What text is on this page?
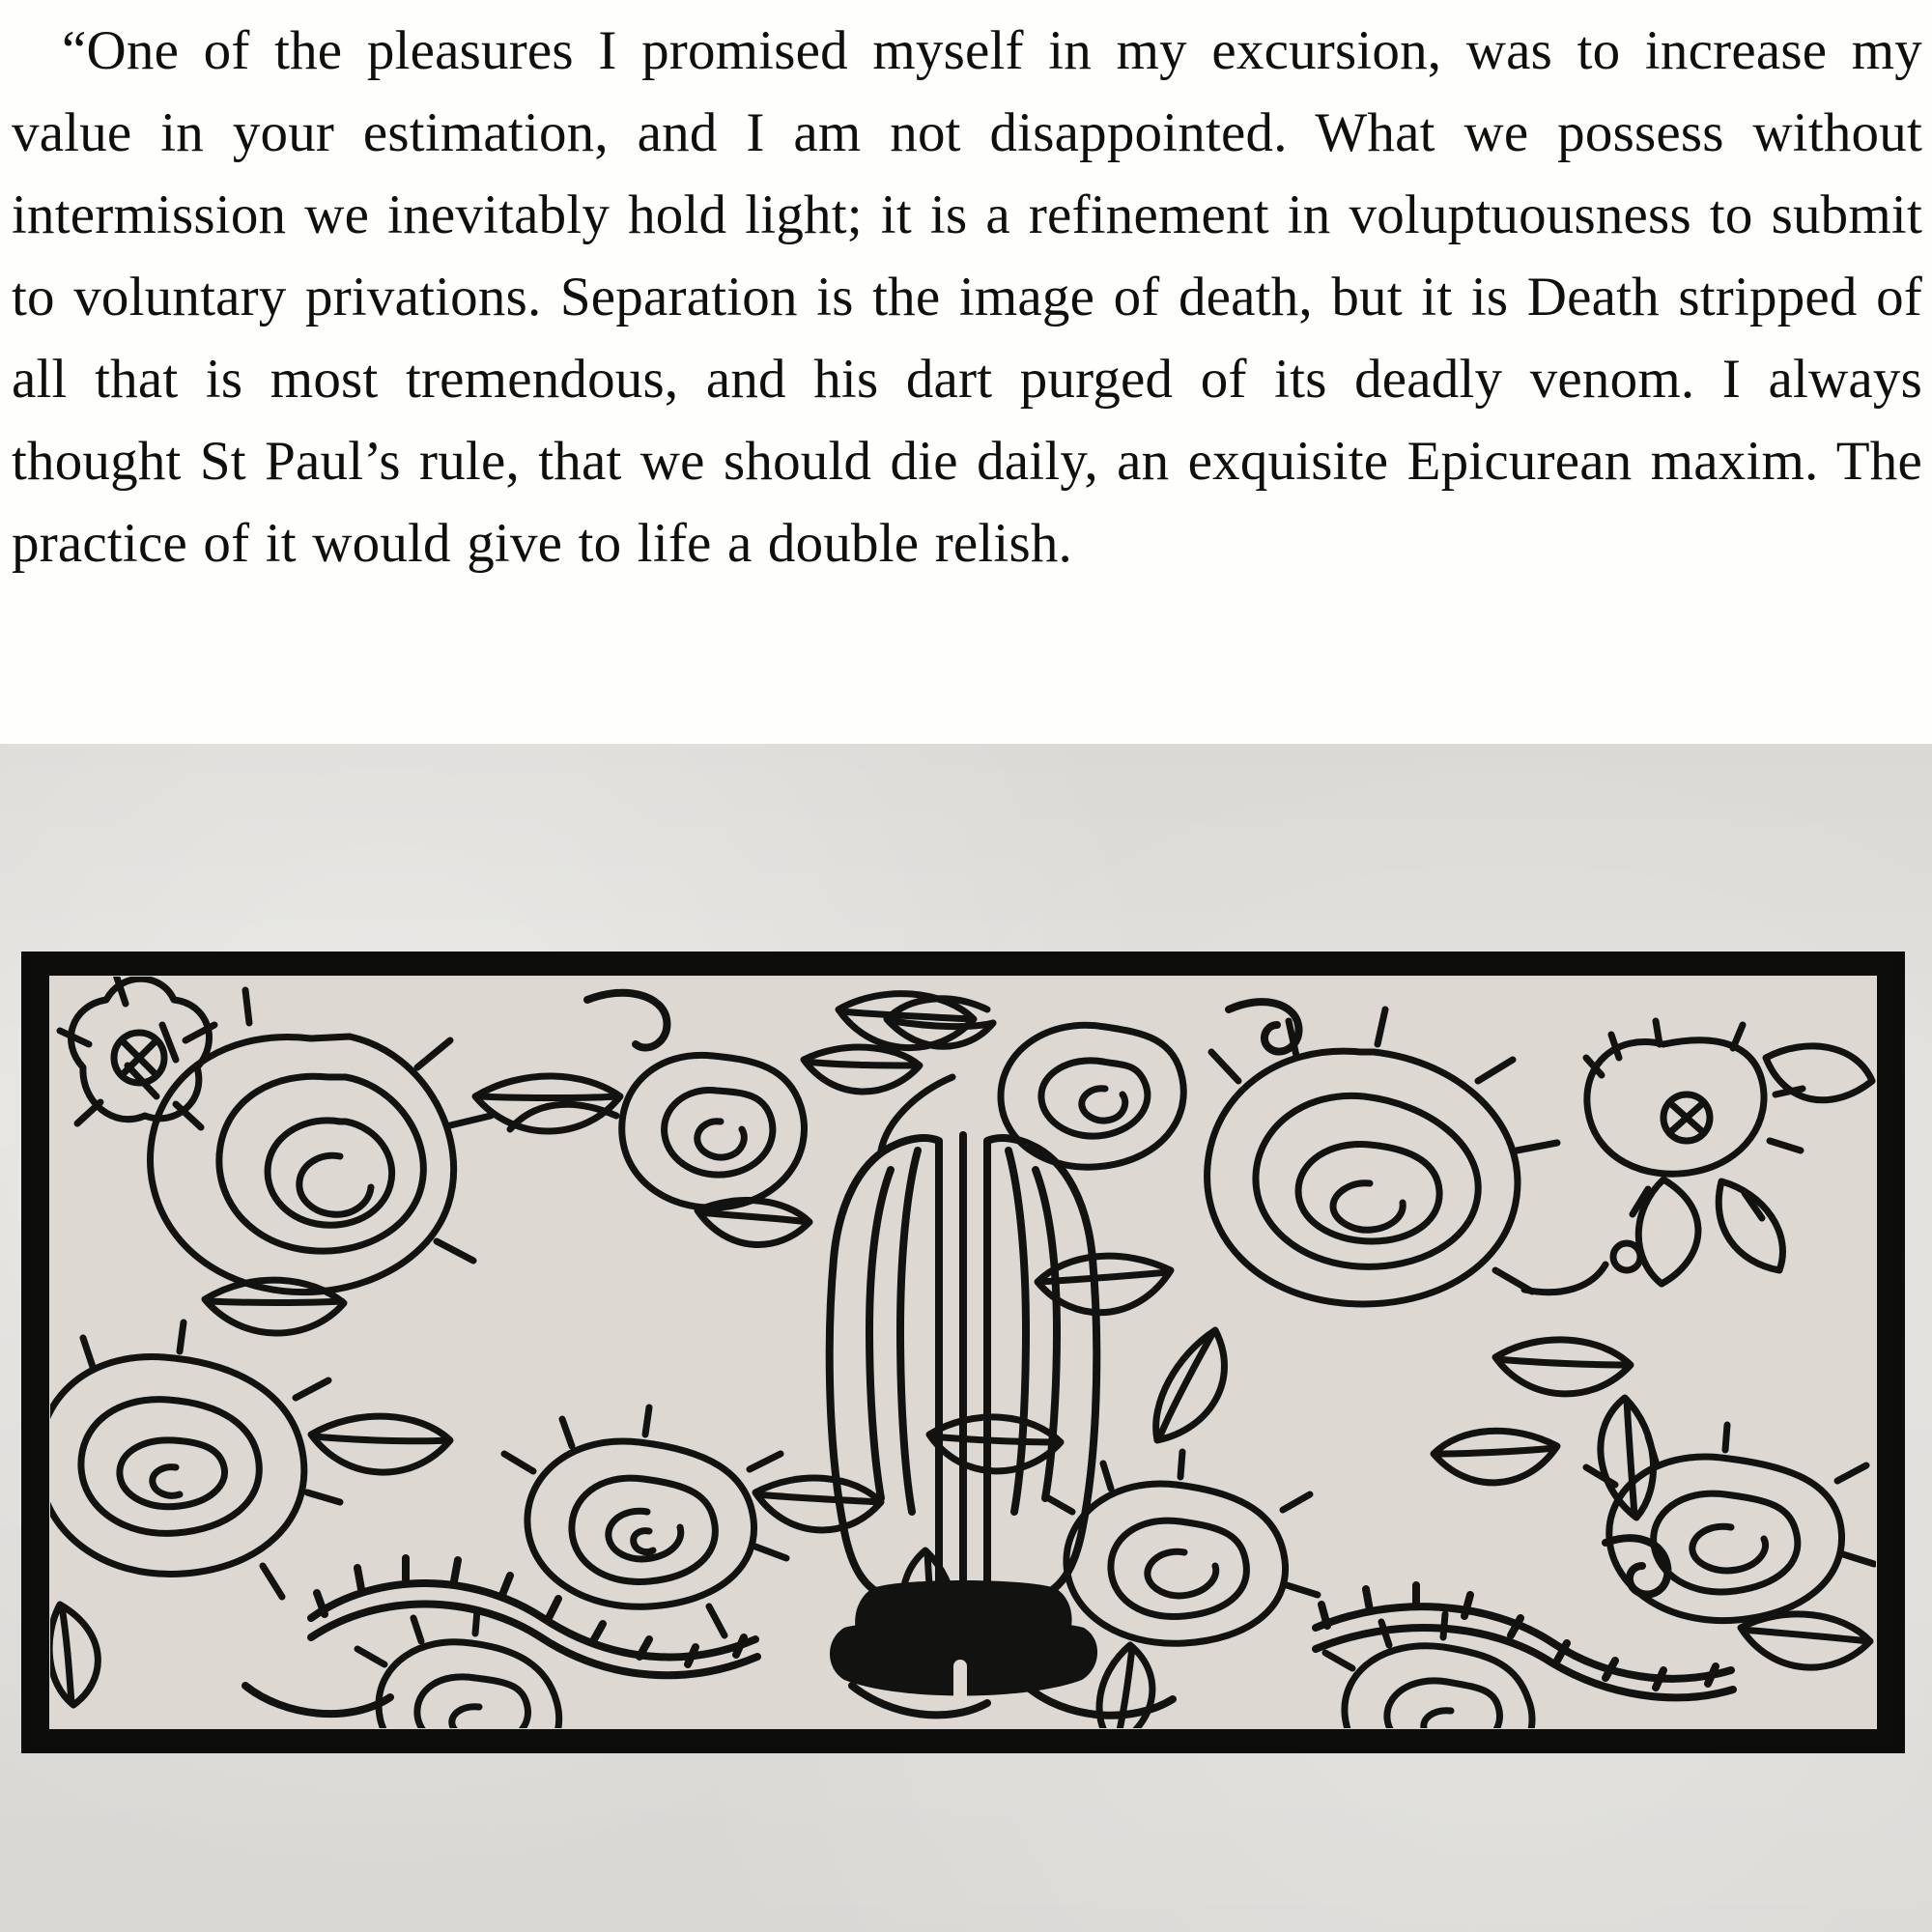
“One of the pleasures I promised myself in my excursion, was to increase my value in your estimation, and I am not disappointed. What we possess without intermission we inevitably hold light; it is a refinement in voluptuousness to submit to voluntary privations. Separation is the image of death, but it is Death stripped of all that is most tremendous, and his dart purged of its deadly venom. I always thought St Paul’s rule, that we should die daily, an exquisite Epicurean maxim. The practice of it would give to life a double relish.
